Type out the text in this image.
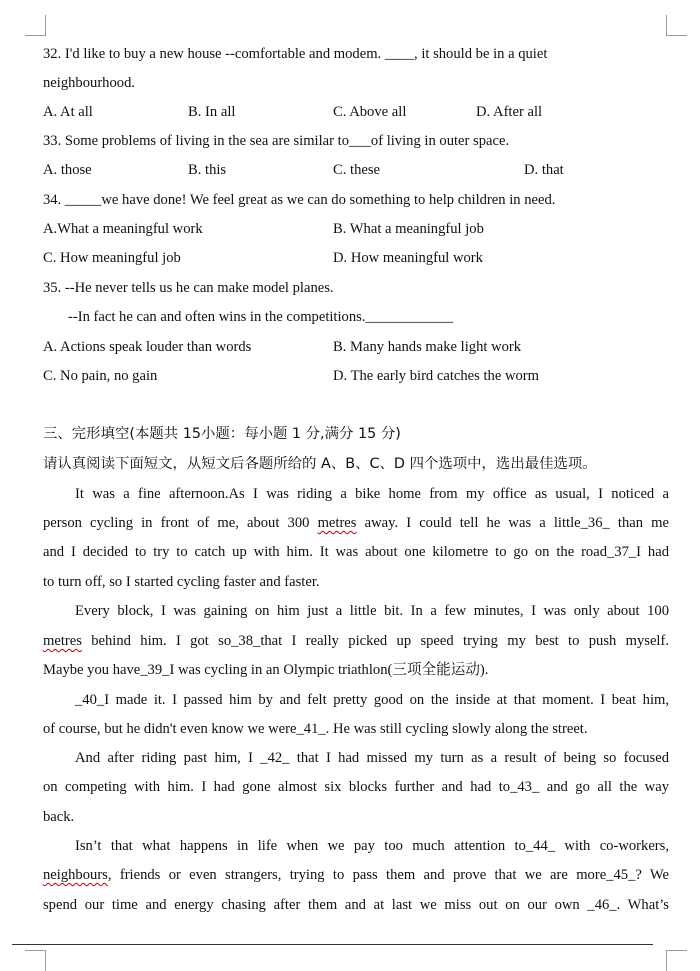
32. I'd like to buy a new house --comfortable and modem. ____, it should be in a quiet
neighbourhood.
A. At all	B. In all	C. Above all	D. After all
33. Some problems of living in the sea are similar to___of living in outer space.
A. those	B. this	C. these	D. that
34. _____we have done! We feel great as we can do something to help children in need.
A.What a meaningful work	B. What a meaningful job
C. How meaningful job	D. How meaningful work
35. --He never tells us he can make model planes.
--In fact he can and often wins in the competitions.____________
A. Actions speak louder than words	B. Many hands make light work
C. No pain, no gain	D. The early bird catches the worm
三、完形填空(本题共 15小题：每小题 1 分,满分 15 分)
请认真阅读下面短文，从短文后各题所给的 A、B、C、D 四个选项中，选出最佳选项。
It was a fine afternoon.As I was riding a bike home from my office as usual, I noticed a
person cycling in front of me, about 300 metres away. I could tell he was a little_36_ than me
and I decided to try to catch up with him. It was about one kilometre to go on the road_37_I had
to turn off, so I started cycling faster and faster.
Every block, I was gaining on him just a little bit. In a few minutes, I was only about 100
metres behind him. I got so_38_that I really picked up speed trying my best to push myself.
Maybe you have_39_I was cycling in an Olympic triathlon(三项全能运动).
_40_I made it. I passed him by and felt pretty good on the inside at that moment. I beat him,
of course, but he didn't even know we were_41_. He was still cycling slowly along the street.
And after riding past him, I _42_ that I had missed my turn as a result of being so focused
on competing with him. I had gone almost six blocks further and had to_43_ and go all the way
back.
Isn’t that what happens in life when we pay too much attention to_44_ with co-workers,
neighbours, friends or even strangers, trying to pass them and prove that we are more_45_? We
spend our time and energy chasing after them and at last we miss out on our own _46_. What’s
